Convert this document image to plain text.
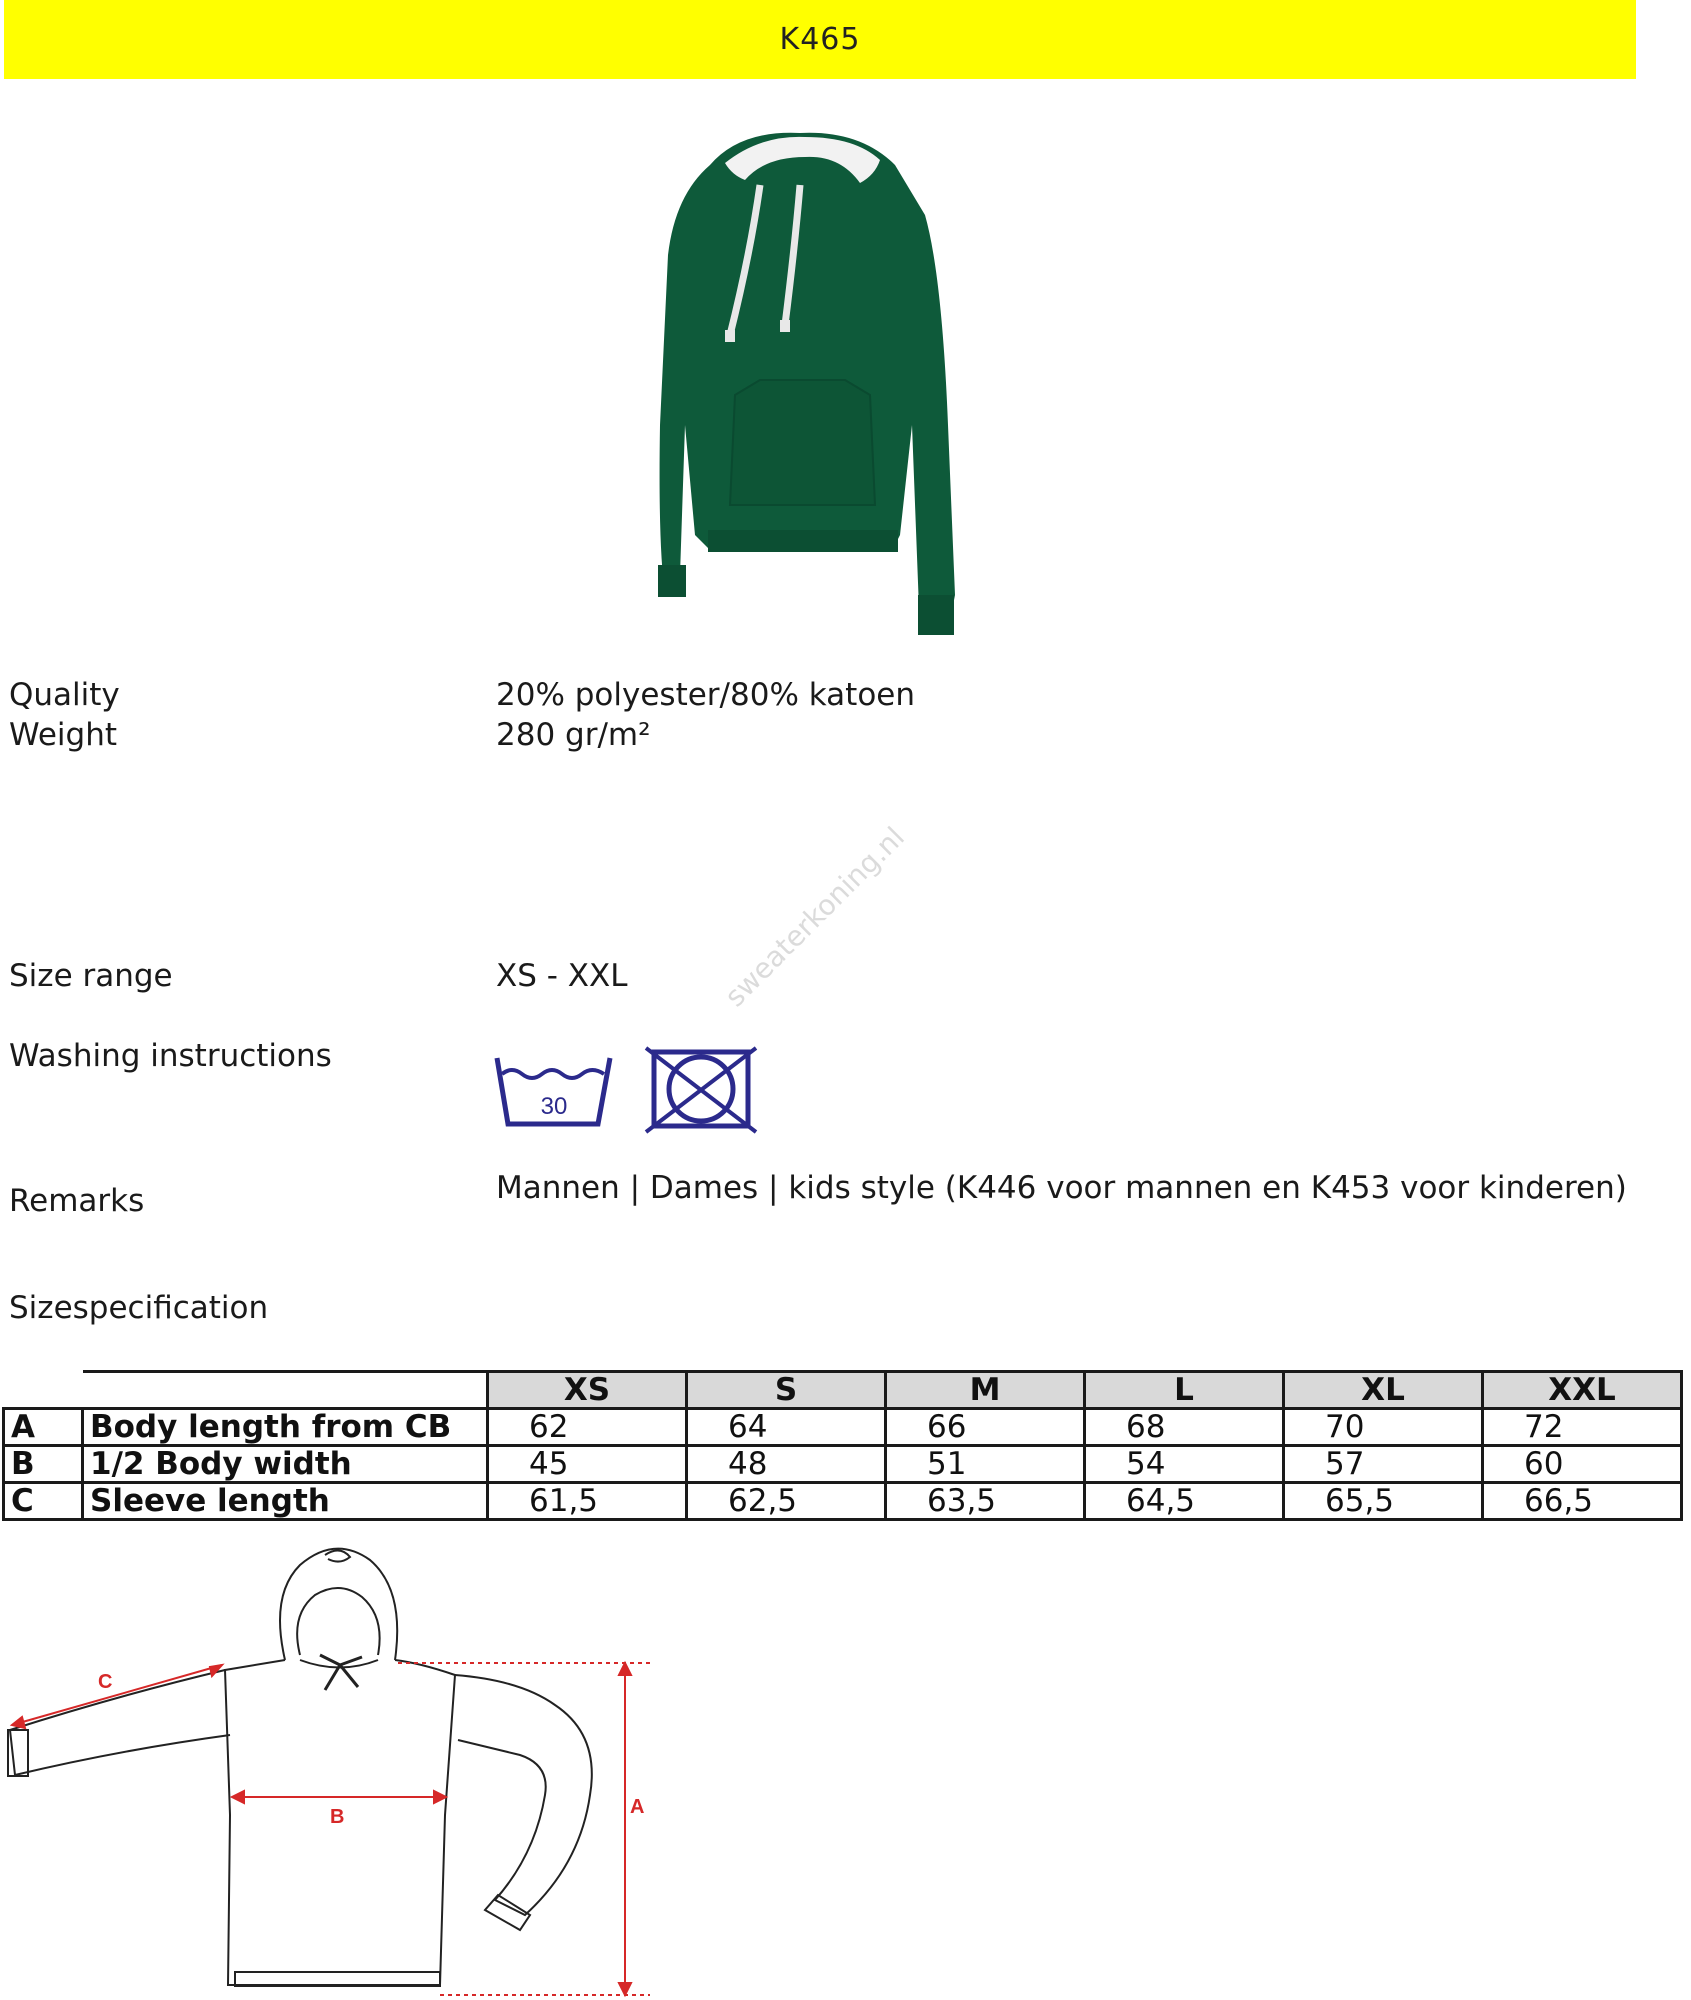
K465
Quality	20% polyester/80% katoen
Weight	280 gr/m²
Size range	XS - XXL
Washing instructions
30
sweaterkoning.nl
Remarks	Mannen | Dames | kids style (K446 voor mannen en K453 voor kinderen)
Sizespecification
		XS	S	M	L	XL	XXL
A	Body length from CB	62	64	66	68	70	72
B	1/2 Body width	45	48	51	54	57	60
C	Sleeve length	61,5	62,5	63,5	64,5	65,5	66,5
A
B
C
